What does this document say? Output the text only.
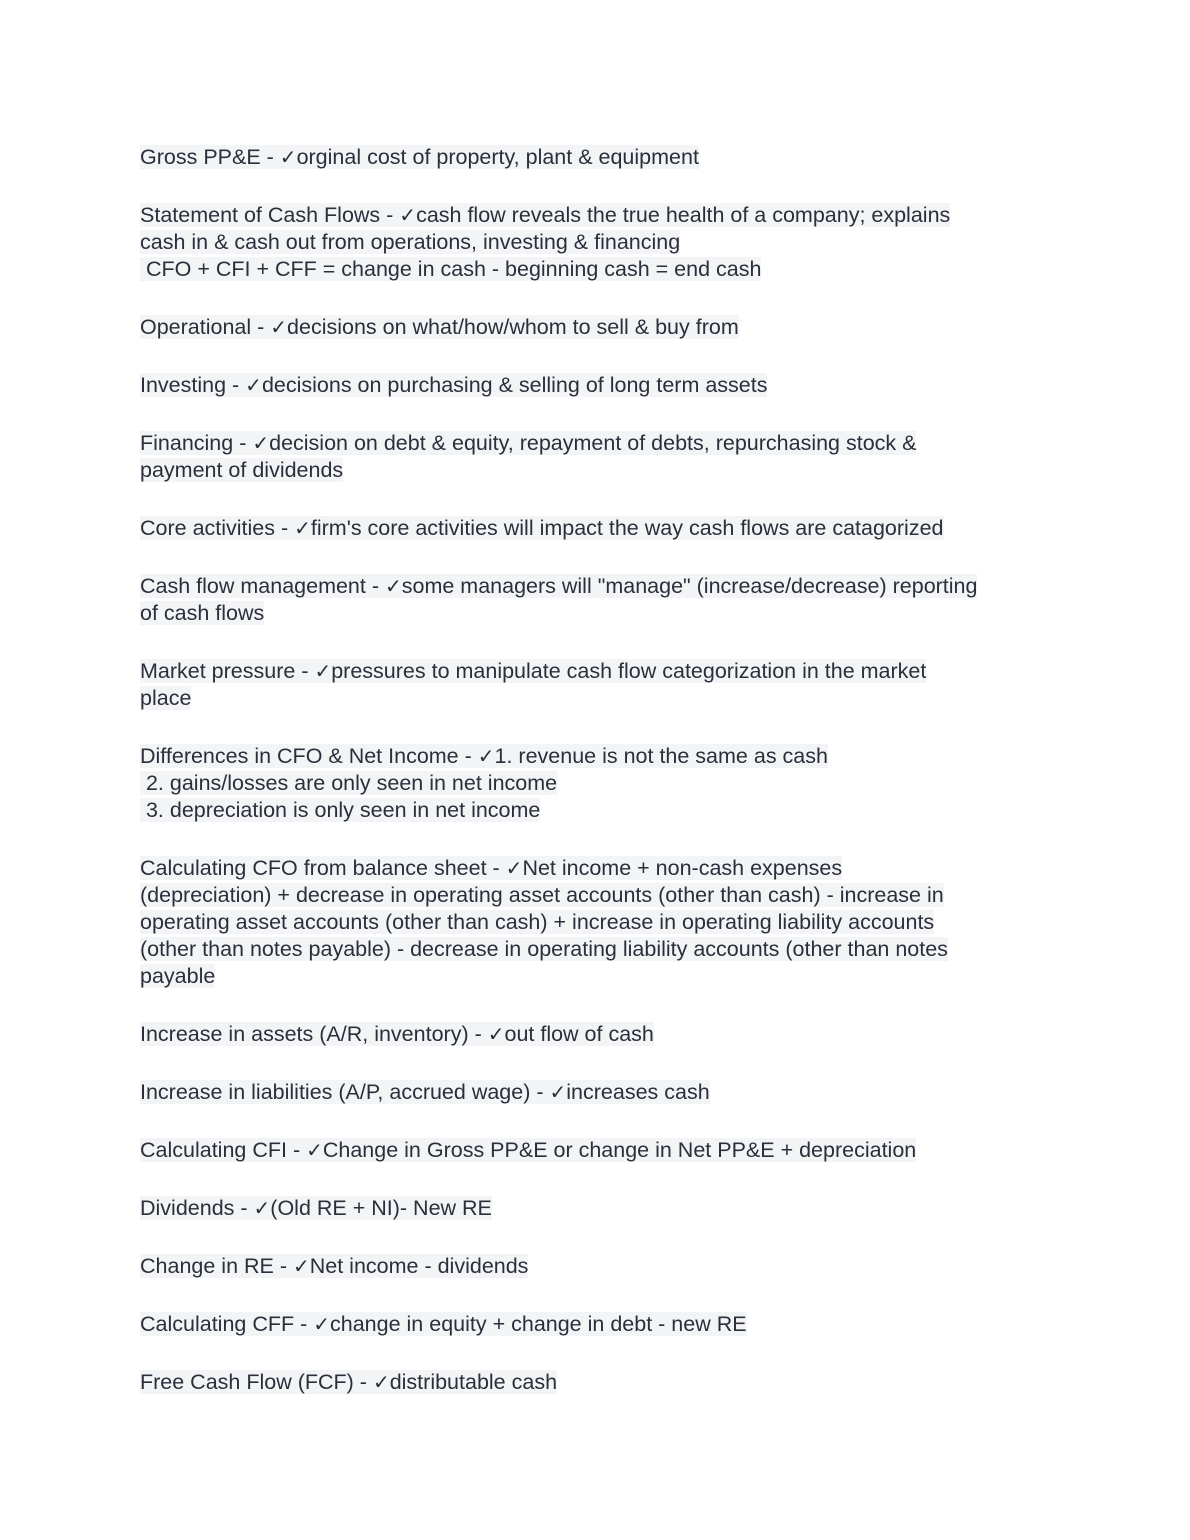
Gross PP&E - ✓orginal cost of property, plant & equipment
Statement of Cash Flows - ✓cash flow reveals the true health of a company; explains
cash in & cash out from operations, investing & financing
CFO + CFI + CFF = change in cash - beginning cash = end cash
Operational - ✓decisions on what/how/whom to sell & buy from
Investing - ✓decisions on purchasing & selling of long term assets
Financing - ✓decision on debt & equity, repayment of debts, repurchasing stock &
payment of dividends
Core activities - ✓firm's core activities will impact the way cash flows are catagorized
Cash flow management - ✓some managers will "manage" (increase/decrease) reporting
of cash flows
Market pressure - ✓pressures to manipulate cash flow categorization in the market
place
Differences in CFO & Net Income - ✓1. revenue is not the same as cash
2. gains/losses are only seen in net income
3. depreciation is only seen in net income
Calculating CFO from balance sheet - ✓Net income + non-cash expenses
(depreciation) + decrease in operating asset accounts (other than cash) - increase in
operating asset accounts (other than cash) + increase in operating liability accounts
(other than notes payable) - decrease in operating liability accounts (other than notes
payable
Increase in assets (A/R, inventory) - ✓out flow of cash
Increase in liabilities (A/P, accrued wage) - ✓increases cash
Calculating CFI - ✓Change in Gross PP&E or change in Net PP&E + depreciation
Dividends - ✓(Old RE + NI)- New RE
Change in RE - ✓Net income - dividends
Calculating CFF - ✓change in equity + change in debt - new RE
Free Cash Flow (FCF) - ✓distributable cash
